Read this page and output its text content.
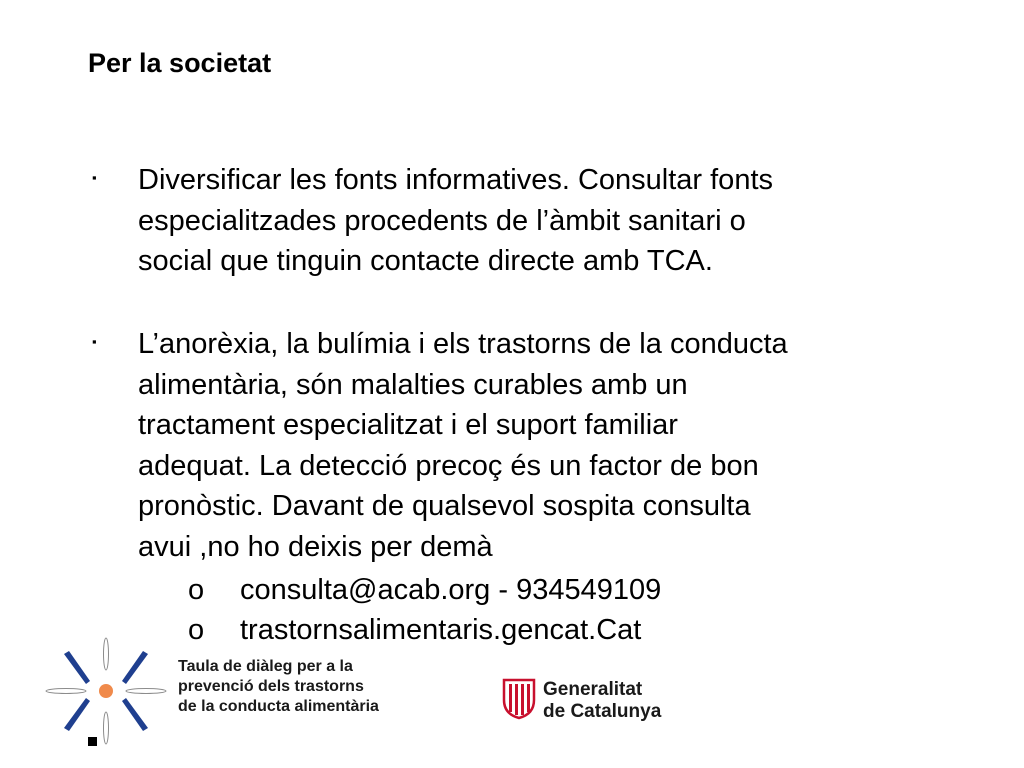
Per la societat
▪ Diversificar les fonts informatives. Consultar fonts
especialitzades procedents de l’àmbit sanitari o
social que tinguin contacte directe amb TCA.

▪ L’anorèxia, la bulímia i els trastorns de la conducta
alimentària, són malalties curables amb un
tractament especialitzat i el suport familiar
adequat. La detecció precoç és un factor de bon
pronòstic. Davant de qualsevol sospita consulta
avui ,no ho deixis per demà

o consulta@acab.org - 934549109
o trastornsalimentaris.gencat.Cat
Taula de diàleg per a la
prevenció dels trastorns
de la conducta alimentària
Generalitat
de Catalunya
